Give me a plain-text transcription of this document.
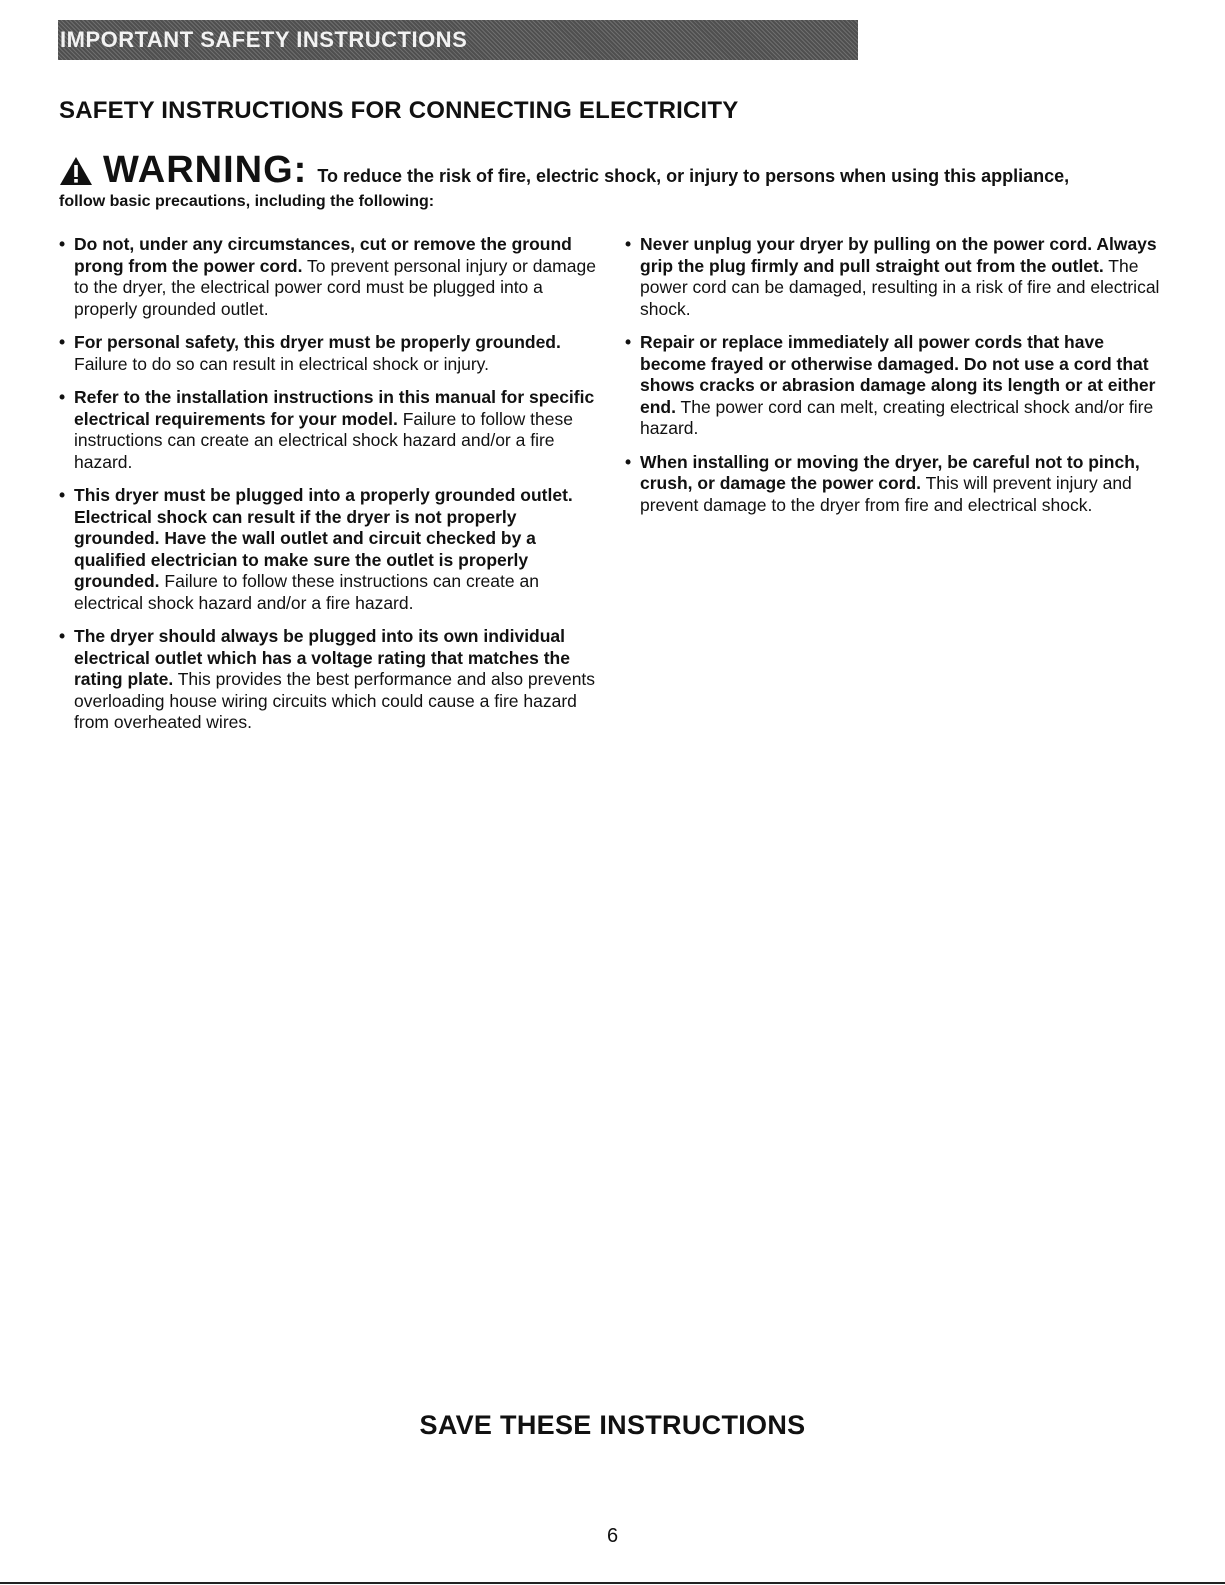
IMPORTANT SAFETY INSTRUCTIONS
SAFETY INSTRUCTIONS FOR CONNECTING ELECTRICITY
WARNING: To reduce the risk of fire, electric shock, or injury to persons when using this appliance,
follow basic precautions, including the following:

• Do not, under any circumstances, cut or remove the ground prong from the power cord. To prevent personal injury or damage to the dryer, the electrical power cord must be plugged into a properly grounded outlet.

• For personal safety, this dryer must be properly grounded. Failure to do so can result in electrical shock or injury.

• Refer to the installation instructions in this manual for specific electrical requirements for your model. Failure to follow these instructions can create an electrical shock hazard and/or a fire hazard.

• This dryer must be plugged into a properly grounded outlet. Electrical shock can result if the dryer is not properly grounded. Have the wall outlet and circuit checked by a qualified electrician to make sure the outlet is properly grounded. Failure to follow these instructions can create an electrical shock hazard and/or a fire hazard.

• The dryer should always be plugged into its own individual electrical outlet which has a voltage rating that matches the rating plate. This provides the best performance and also prevents overloading house wiring circuits which could cause a fire hazard from overheated wires.

• Never unplug your dryer by pulling on the power cord. Always grip the plug firmly and pull straight out from the outlet. The power cord can be damaged, resulting in a risk of fire and electrical shock.

• Repair or replace immediately all power cords that have become frayed or otherwise damaged. Do not use a cord that shows cracks or abrasion damage along its length or at either end. The power cord can melt, creating electrical shock and/or fire hazard.

• When installing or moving the dryer, be careful not to pinch, crush, or damage the power cord. This will prevent injury and prevent damage to the dryer from fire and electrical shock.

SAVE THESE INSTRUCTIONS
6
